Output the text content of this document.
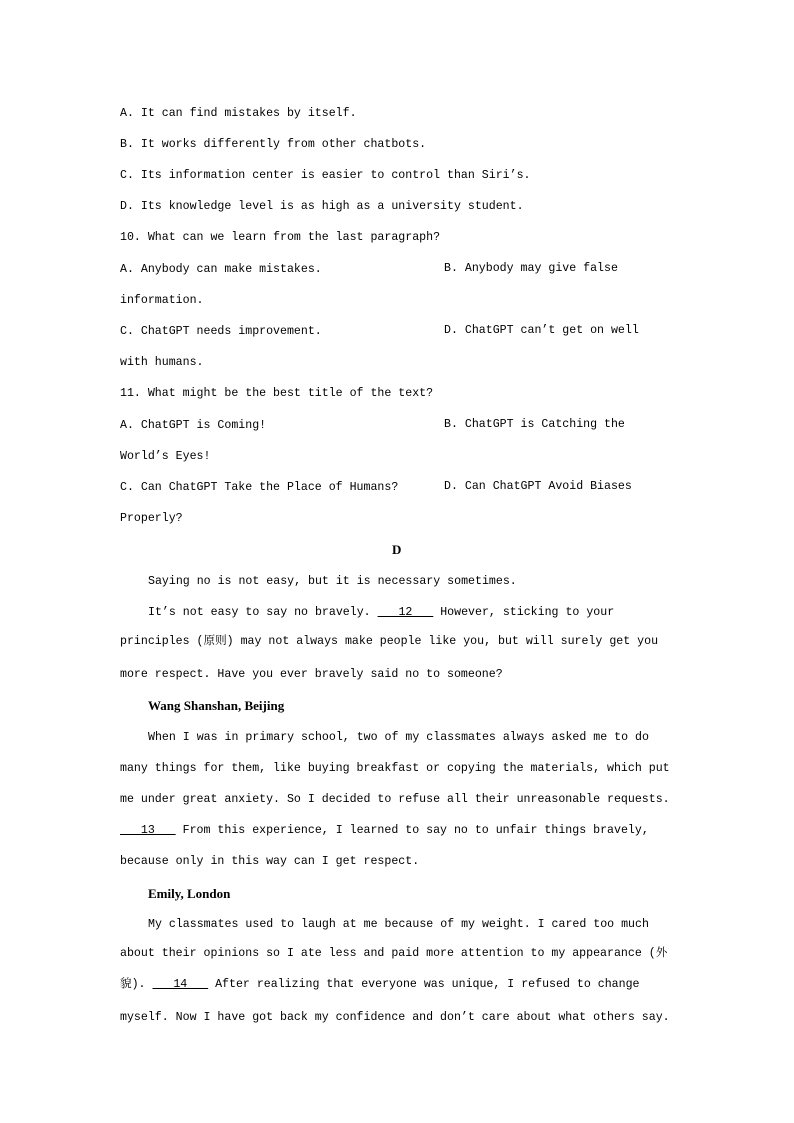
A. It can find mistakes by itself.
B. It works differently from other chatbots.
C. Its information center is easier to control than Siri’s.
D. Its knowledge level is as high as a university student.
10. What can we learn from the last paragraph?
A. Anybody can make mistakes.	B. Anybody may give false
information.
C. ChatGPT needs improvement.	D. ChatGPT can’t get on well
with humans.
11. What might be the best title of the text?
A. ChatGPT is Coming!	B. ChatGPT is Catching the
World’s Eyes!
C. Can ChatGPT Take the Place of Humans?	D. Can ChatGPT Avoid Biases
Properly?
D
Saying no is not easy, but it is necessary sometimes.
It’s not easy to say no bravely.    12    However, sticking to your
principles (原则) may not always make people like you, but will surely get you
more respect. Have you ever bravely said no to someone?
Wang Shanshan, Beijing
When I was in primary school, two of my classmates always asked me to do
many things for them, like buying breakfast or copying the materials, which put
me under great anxiety. So I decided to refuse all their unreasonable requests.
13    From this experience, I learned to say no to unfair things bravely,
because only in this way can I get respect.
Emily, London
My classmates used to laugh at me because of my weight. I cared too much
about their opinions so I ate less and paid more attention to my appearance (外
貌).    14    After realizing that everyone was unique, I refused to change
myself. Now I have got back my confidence and don’t care about what others say.
